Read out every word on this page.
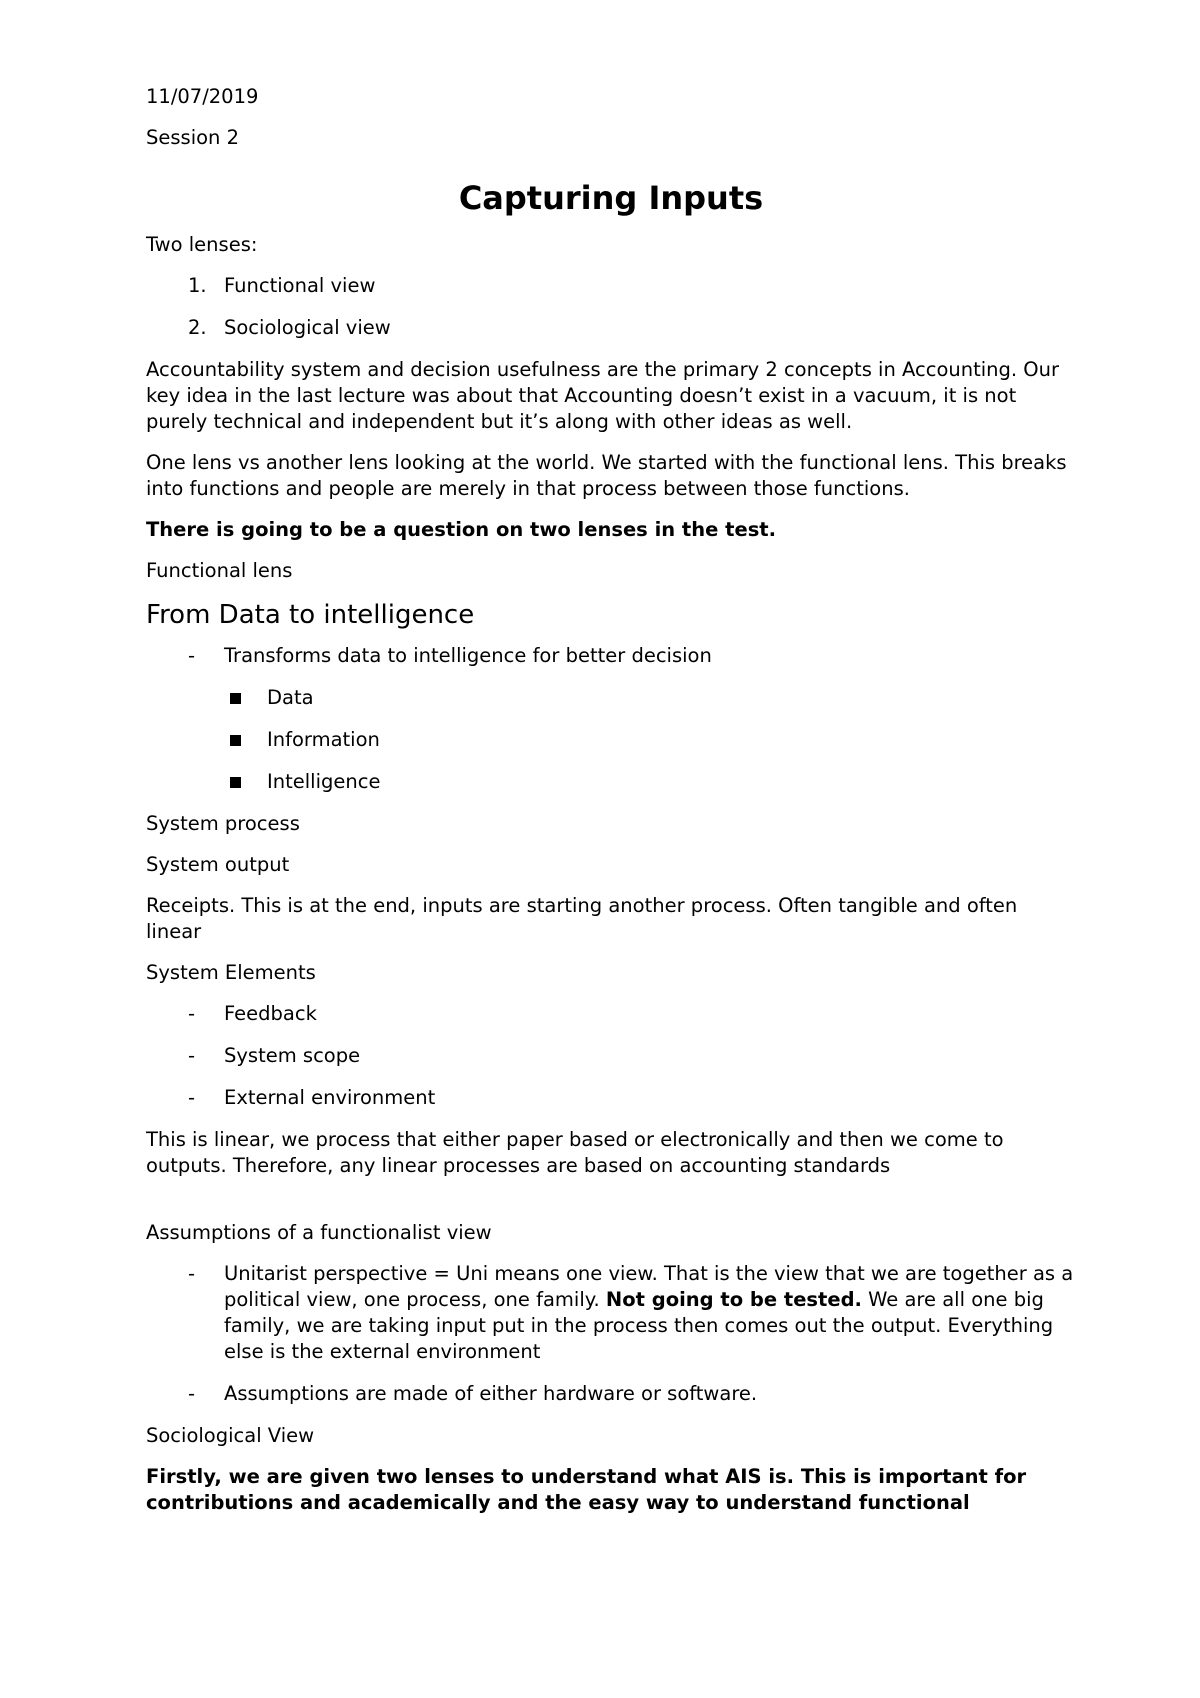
11/07/2019

Session 2

Capturing Inputs

Two lenses:

1. Functional view
2. Sociological view

Accountability system and decision usefulness are the primary 2 concepts in Accounting. Our key idea in the last lecture was about that Accounting doesn’t exist in a vacuum, it is not purely technical and independent but it’s along with other ideas as well.

One lens vs another lens looking at the world. We started with the functional lens. This breaks into functions and people are merely in that process between those functions.

There is going to be a question on two lenses in the test.

Functional lens

From Data to intelligence
- Transforms data to intelligence for better decision
Data
Information
Intelligence

System process

System output

Receipts. This is at the end, inputs are starting another process. Often tangible and often linear

System Elements

- Feedback
- System scope
- External environment

This is linear, we process that either paper based or electronically and then we come to outputs. Therefore, any linear processes are based on accounting standards

Assumptions of a functionalist view

- Unitarist perspective = Uni means one view. That is the view that we are together as a political view, one process, one family. Not going to be tested. We are all one big family, we are taking input put in the process then comes out the output. Everything else is the external environment
- Assumptions are made of either hardware or software.

Sociological View

Firstly, we are given two lenses to understand what AIS is. This is important for contributions and academically and the easy way to understand functional
